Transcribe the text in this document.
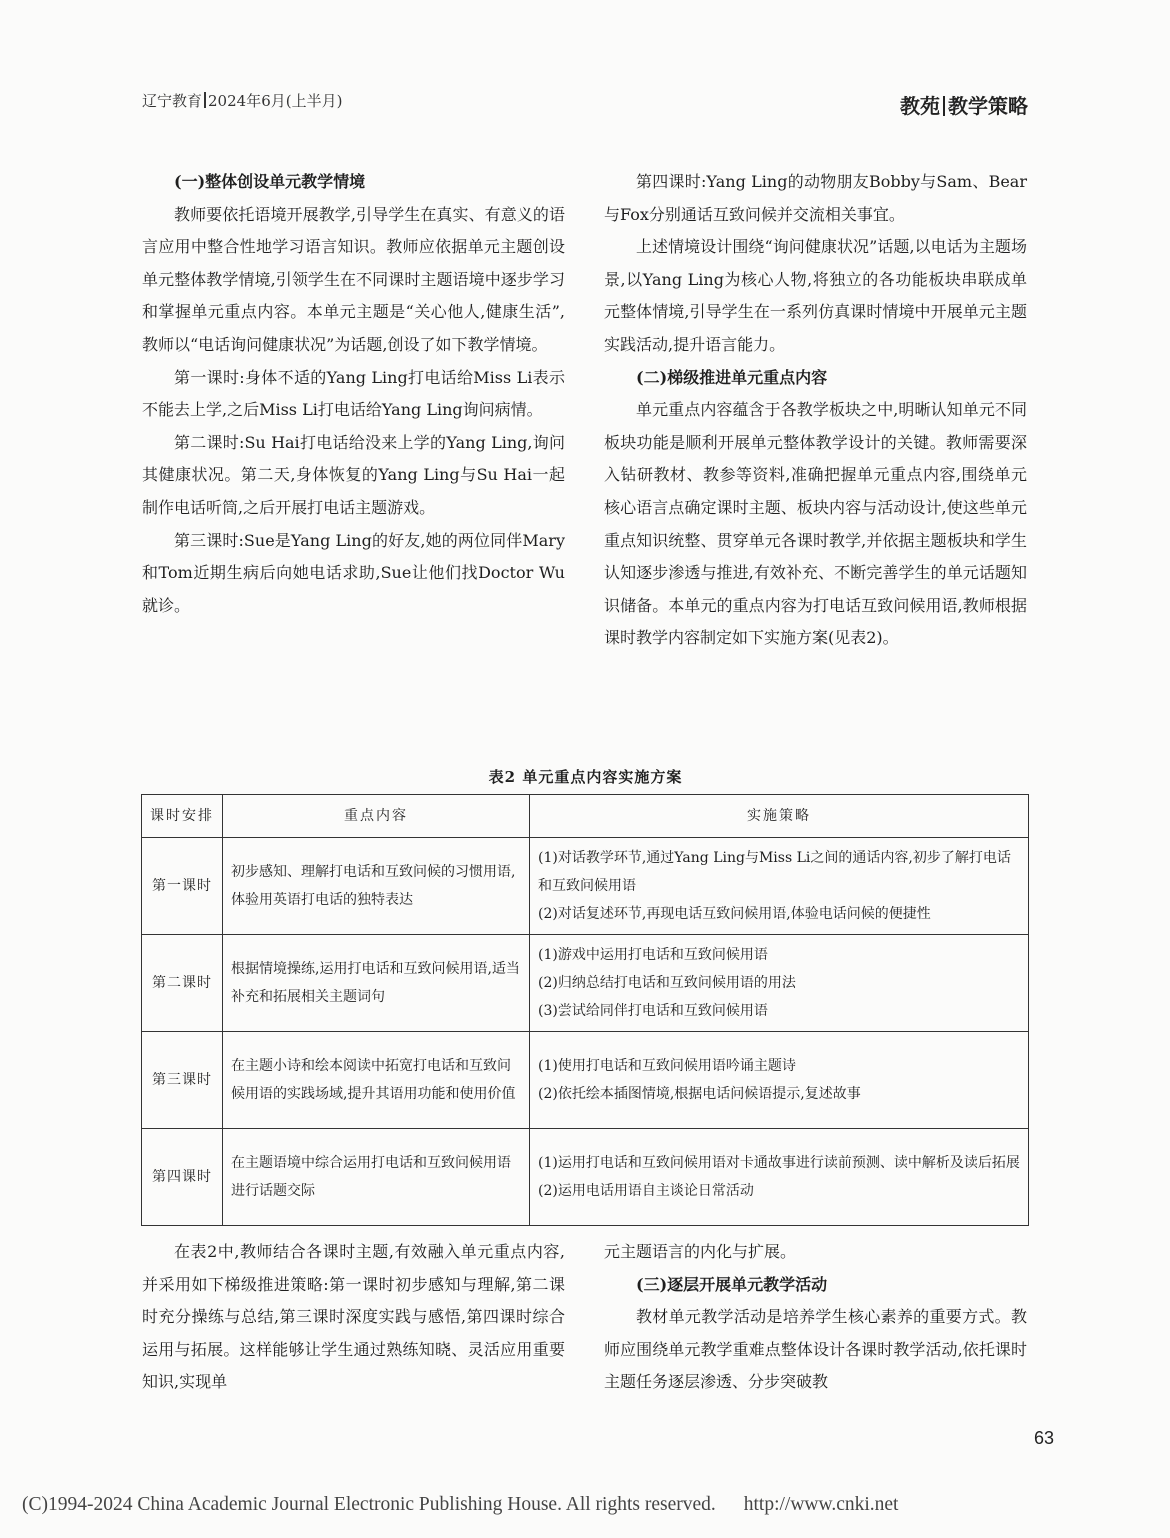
辽宁教育 2024年6月(上半月)	教苑 教学策略
(一)整体创设单元教学情境

教师要依托语境开展教学,引导学生在真实、有意义的语言应用中整合性地学习语言知识。教师应依据单元主题创设单元整体教学情境,引领学生在不同课时主题语境中逐步学习和掌握单元重点内容。本单元主题是“关心他人,健康生活”,教师以“电话询问健康状况”为话题,创设了如下教学情境。

第一课时:身体不适的Yang Ling打电话给Miss Li表示不能去上学,之后Miss Li打电话给Yang Ling询问病情。

第二课时:Su Hai打电话给没来上学的Yang Ling,询问其健康状况。第二天,身体恢复的Yang Ling与Su Hai一起制作电话听筒,之后开展打电话主题游戏。

第三课时:Sue是Yang Ling的好友,她的两位同伴Mary和Tom近期生病后向她电话求助,Sue让他们找Doctor Wu就诊。

第四课时:Yang Ling的动物朋友Bobby与Sam、Bear与Fox分别通话互致问候并交流相关事宜。

上述情境设计围绕“询问健康状况”话题,以电话为主题场景,以Yang Ling为核心人物,将独立的各功能板块串联成单元整体情境,引导学生在一系列仿真课时情境中开展单元主题实践活动,提升语言能力。

(二)梯级推进单元重点内容

单元重点内容蕴含于各教学板块之中,明晰认知单元不同板块功能是顺利开展单元整体教学设计的关键。教师需要深入钻研教材、教参等资料,准确把握单元重点内容,围绕单元核心语言点确定课时主题、板块内容与活动设计,使这些单元重点知识统整、贯穿单元各课时教学,并依据主题板块和学生认知逐步渗透与推进,有效补充、不断完善学生的单元话题知识储备。本单元的重点内容为打电话互致问候用语,教师根据课时教学内容制定如下实施方案(见表2)。

表2 单元重点内容实施方案
课时安排	重点内容	实施策略
第一课时	初步感知、理解打电话和互致问候的习惯用语,体验用英语打电话的独特表达	(1)对话教学环节,通过Yang Ling与Miss Li之间的通话内容,初步了解打电话和互致问候用语
(2)对话复述环节,再现电话互致问候用语,体验电话问候的便捷性

第二课时	根据情境操练,运用打电话和互致问候用语,适当补充和拓展相关主题词句	(1)游戏中运用打电话和互致问候用语
(2)归纳总结打电话和互致问候用语的用法
(3)尝试给同伴打电话和互致问候用语

第三课时	在主题小诗和绘本阅读中拓宽打电话和互致问候用语的实践场域,提升其语用功能和使用价值	(1)使用打电话和互致问候用语吟诵主题诗
(2)依托绘本插图情境,根据电话问候语提示,复述故事

第四课时	在主题语境中综合运用打电话和互致问候用语进行话题交际	(1)运用打电话和互致问候用语对卡通故事进行读前预测、读中解析及读后拓展
(2)运用电话用语自主谈论日常活动

在表2中,教师结合各课时主题,有效融入单元重点内容,并采用如下梯级推进策略:第一课时初步感知与理解,第二课时充分操练与总结,第三课时深度实践与感悟,第四课时综合运用与拓展。这样能够让学生通过熟练知晓、灵活应用重要知识,实现单

元主题语言的内化与扩展。

(三)逐层开展单元教学活动

教材单元教学活动是培养学生核心素养的重要方式。教师应围绕单元教学重难点整体设计各课时教学活动,依托课时主题任务逐层渗透、分步突破教

63
(C)1994-2024 China Academic Journal Electronic Publishing House. All rights reserved. http://www.cnki.net
